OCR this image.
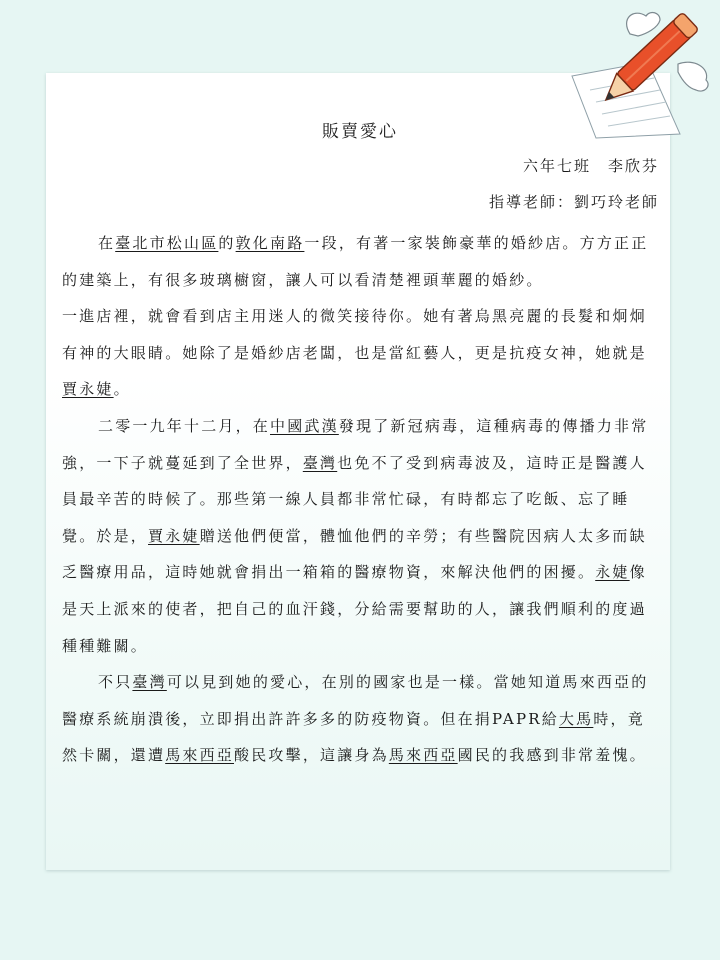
販賣愛心
六年七班　李欣芬
指導老師：劉巧玲老師

在臺北市松山區的敦化南路一段，有著一家裝飾豪華的婚紗店。方方正正的建築上，有很多玻璃櫥窗，讓人可以看清楚裡頭華麗的婚紗。

一進店裡，就會看到店主用迷人的微笑接待你。她有著烏黑亮麗的長髮和炯炯有神的大眼睛。她除了是婚紗店老闆，也是當紅藝人，更是抗疫女神，她就是賈永婕。

二零一九年十二月，在中國武漢發現了新冠病毒，這種病毒的傳播力非常強，一下子就蔓延到了全世界，臺灣也免不了受到病毒波及，這時正是醫護人員最辛苦的時候了。那些第一線人員都非常忙碌，有時都忘了吃飯、忘了睡覺。於是，賈永婕贈送他們便當，體恤他們的辛勞；有些醫院因病人太多而缺乏醫療用品，這時她就會捐出一箱箱的醫療物資，來解決他們的困擾。永婕像是天上派來的使者，把自己的血汗錢，分給需要幫助的人，讓我們順利的度過種種難關。

不只臺灣可以見到她的愛心，在別的國家也是一樣。當她知道馬來西亞的醫療系統崩潰後，立即捐出許許多多的防疫物資。但在捐PAPR給大馬時，竟然卡關，還遭馬來西亞酸民攻擊，這讓身為馬來西亞國民的我感到非常羞愧。
